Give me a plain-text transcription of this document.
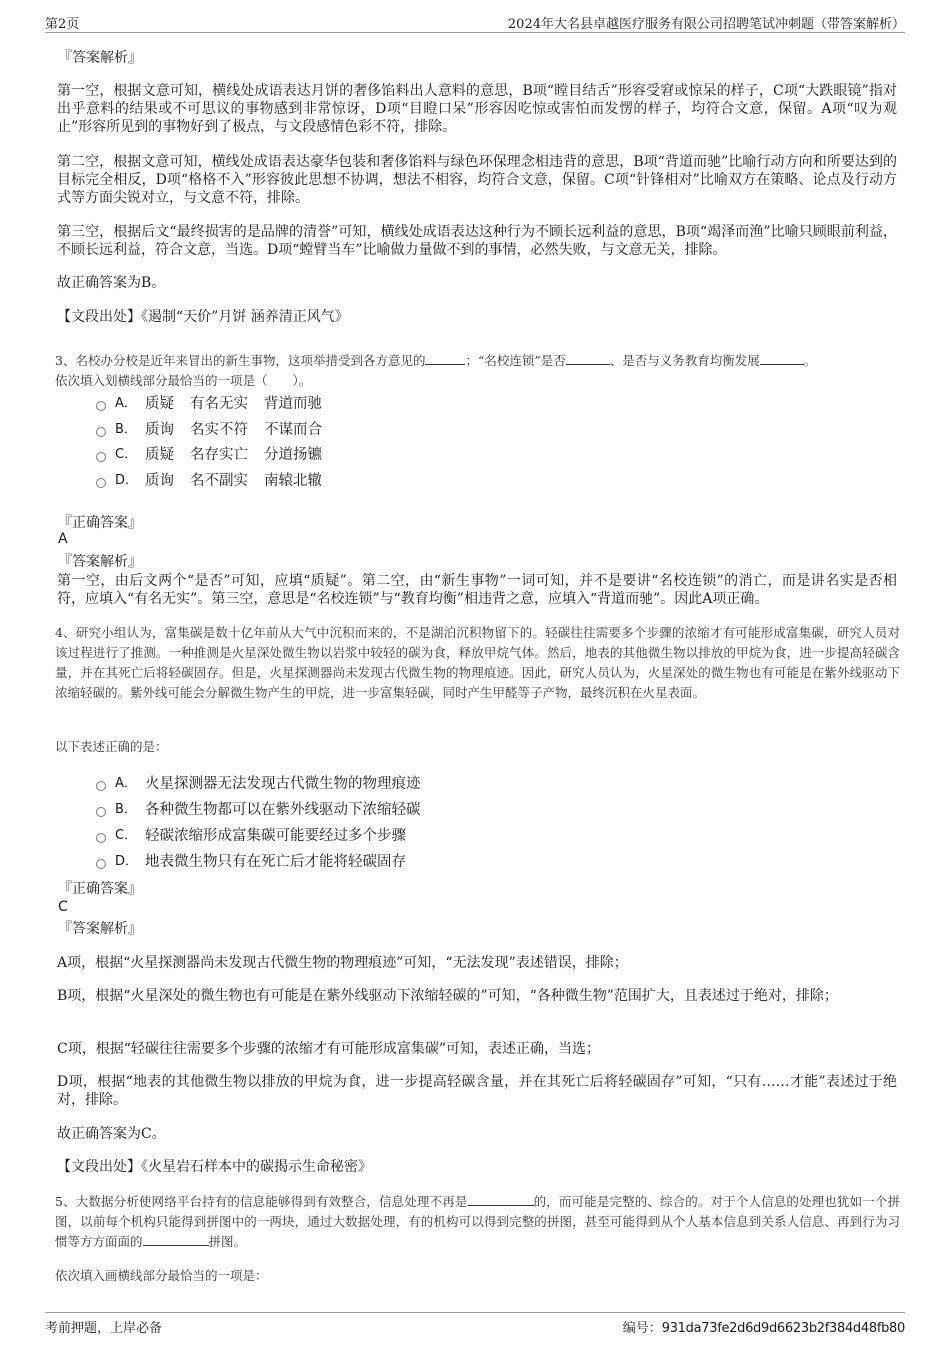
第2页	2024年大名县卓越医疗服务有限公司招聘笔试冲刺题（带答案解析）

『答案解析』

第一空，根据文意可知，横线处成语表达月饼的奢侈馅料出人意料的意思，B项“瞠目结舌”形容受窘或惊呆的样子，C项“大跌眼镜”指对出乎意料的结果或不可思议的事物感到非常惊讶，D项“目瞪口呆”形容因吃惊或害怕而发愣的样子，均符合文意，保留。A项“叹为观止”形容所见到的事物好到了极点，与文段感情色彩不符，排除。

第二空，根据文意可知，横线处成语表达豪华包装和奢侈馅料与绿色环保理念相违背的意思，B项“背道而驰”比喻行动方向和所要达到的目标完全相反，D项“格格不入”形容彼此思想不协调，想法不相容，均符合文意，保留。C项“针锋相对”比喻双方在策略、论点及行动方式等方面尖锐对立，与文意不符，排除。

第三空，根据后文“最终损害的是品牌的清誉”可知，横线处成语表达这种行为不顾长远利益的意思，B项“竭泽而渔”比喻只顾眼前利益，不顾长远利益，符合文意，当选。D项“螳臂当车”比喻做力量做不到的事情，必然失败，与文意无关，排除。

故正确答案为B。

【文段出处】《遏制“天价”月饼 涵养清正风气》

3、名校办分校是近年来冒出的新生事物，这项举措受到各方意见的	；“名校连锁”是否	、是否与义务教育均衡发展	。
依次填入划横线部分最恰当的一项是（　　）。

A． 质疑 有名无实 背道而驰
B． 质询 名实不符 不谋而合
C． 质疑 名存实亡 分道扬镳
D． 质询 名不副实 南辕北辙

『正确答案』

A

『答案解析』

第一空，由后文两个“是否”可知，应填“质疑”。第二空，由“新生事物”一词可知，并不是要讲“名校连锁”的消亡，而是讲名实是否相符，应填入“有名无实”。第三空，意思是“名校连锁”与“教育均衡”相违背之意，应填入“背道而驰”。因此A项正确。

4、研究小组认为，富集碳是数十亿年前从大气中沉积而来的，不是湖泊沉积物留下的。轻碳往往需要多个步骤的浓缩才有可能形成富集碳，研究人员对该过程进行了推测。一种推测是火星深处微生物以岩浆中较轻的碳为食，释放甲烷气体。然后，地表的其他微生物以排放的甲烷为食，进一步提高轻碳含量，并在其死亡后将轻碳固存。但是，火星探测器尚未发现古代微生物的物理痕迹。因此，研究人员认为，火星深处的微生物也有可能是在紫外线驱动下浓缩轻碳的。紫外线可能会分解微生物产生的甲烷，进一步富集轻碳，同时产生甲醛等子产物，最终沉积在火星表面。

以下表述正确的是：

A． 火星探测器无法发现古代微生物的物理痕迹
B． 各种微生物都可以在紫外线驱动下浓缩轻碳
C． 轻碳浓缩形成富集碳可能要经过多个步骤
D． 地表微生物只有在死亡后才能将轻碳固存

『正确答案』

C

『答案解析』

A项，根据“火星探测器尚未发现古代微生物的物理痕迹”可知，“无法发现”表述错误，排除；

B项，根据“火星深处的微生物也有可能是在紫外线驱动下浓缩轻碳的”可知，“各种微生物”范围扩大，且表述过于绝对，排除；

C项，根据“轻碳往往需要多个步骤的浓缩才有可能形成富集碳”可知，表述正确，当选；

D项，根据“地表的其他微生物以排放的甲烷为食，进一步提高轻碳含量，并在其死亡后将轻碳固存”可知，“只有……才能”表述过于绝对，排除。

故正确答案为C。

【文段出处】《火星岩石样本中的碳揭示生命秘密》

5、大数据分析使网络平台持有的信息能够得到有效整合，信息处理不再是	的，而可能是完整的、综合的。对于个人信息的处理也犹如一个拼图，以前每个机构只能得到拼图中的一两块，通过大数据处理，有的机构可以得到完整的拼图，甚至可能得到从个人基本信息到关系人信息、再到行为习惯等方方面面的	拼图。

依次填入画横线部分最恰当的一项是：

考前押题，上岸必备	编号：931da73fe2d6d9d6623b2f384d48fb80
